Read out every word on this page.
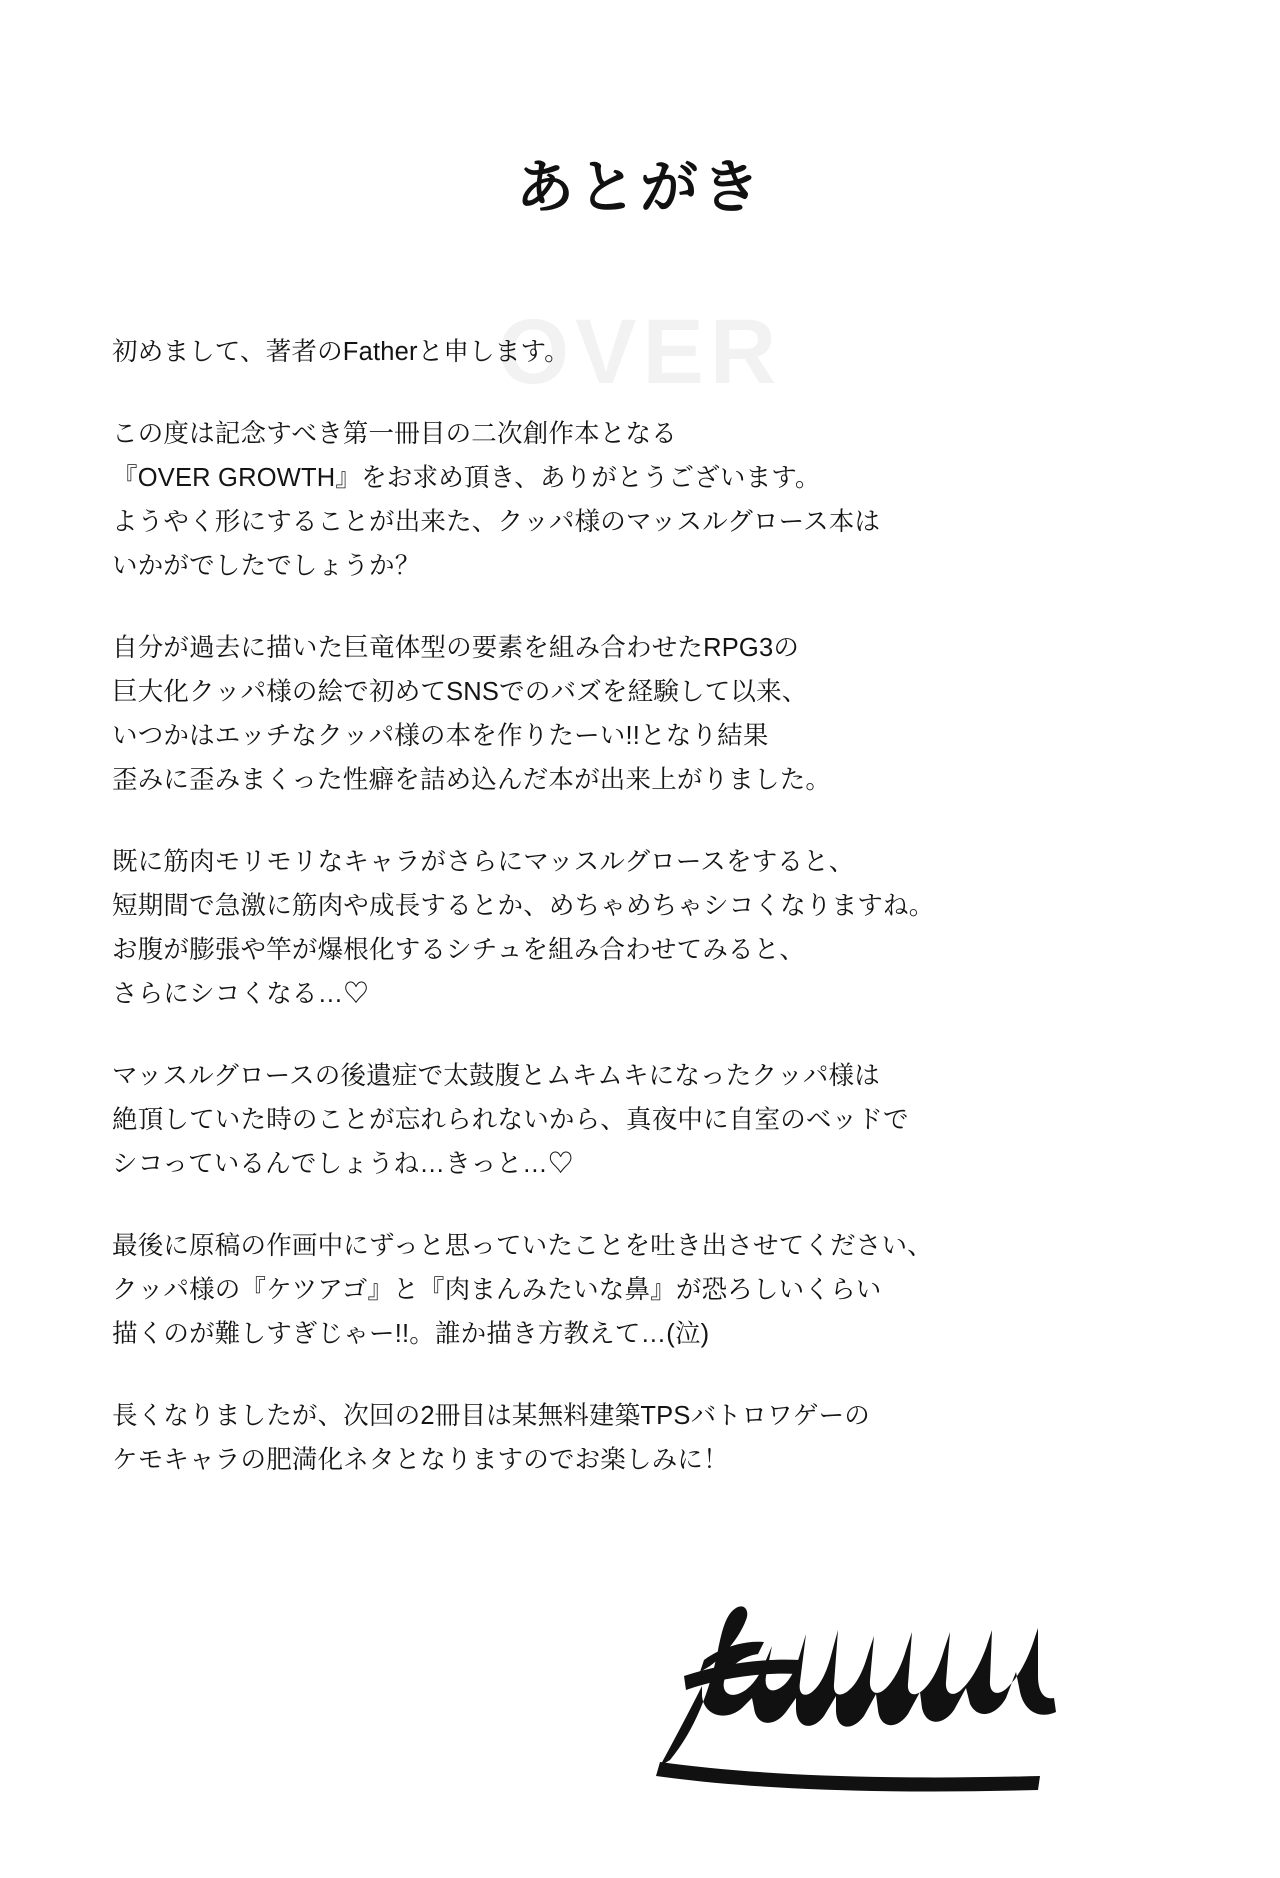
OVER
あとがき
初めまして、著者のFatherと申します。
この度は記念すべき第一冊目の二次創作本となる
『OVER GROWTH』をお求め頂き、ありがとうございます。
ようやく形にすることが出来た、クッパ様のマッスルグロース本は
いかがでしたでしょうか？
自分が過去に描いた巨竜体型の要素を組み合わせたRPG3の
巨大化クッパ様の絵で初めてSNSでのバズを経験して以来、
いつかはエッチなクッパ様の本を作りたーい!!となり結果
歪みに歪みまくった性癖を詰め込んだ本が出来上がりました。
既に筋肉モリモリなキャラがさらにマッスルグロースをすると、
短期間で急激に筋肉や成長するとか、めちゃめちゃシコくなりますね。
お腹が膨張や竿が爆根化するシチュを組み合わせてみると、
さらにシコくなる…♡
マッスルグロースの後遺症で太鼓腹とムキムキになったクッパ様は
絶頂していた時のことが忘れられないから、真夜中に自室のベッドで
シコっているんでしょうね…きっと…♡
最後に原稿の作画中にずっと思っていたことを吐き出させてください、
クッパ様の『ケツアゴ』と『肉まんみたいな鼻』が恐ろしいくらい
描くのが難しすぎじゃー!!。誰か描き方教えて…(泣)
長くなりましたが、次回の2冊目は某無料建築TPSバトロワゲーの
ケモキャラの肥満化ネタとなりますのでお楽しみに！
